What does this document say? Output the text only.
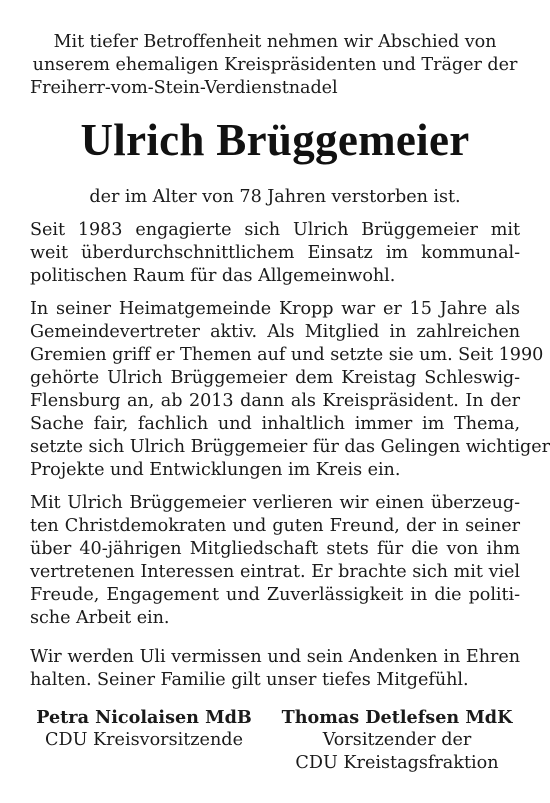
Mit tiefer Betroffenheit nehmen wir Abschied von
unserem ehemaligen Kreispräsidenten und Träger der
Freiherr-vom-Stein-Verdienstnadel
Ulrich Brüggemeier
der im Alter von 78 Jahren verstorben ist.
Seit 1983 engagierte sich Ulrich Brüggemeier mit
weit überdurchschnittlichem Einsatz im kommunal-
politischen Raum für das Allgemeinwohl.
In seiner Heimatgemeinde Kropp war er 15 Jahre als
Gemeindevertreter aktiv. Als Mitglied in zahlreichen
Gremien griff er Themen auf und setzte sie um. Seit 1990
gehörte Ulrich Brüggemeier dem Kreistag Schleswig-
Flensburg an, ab 2013 dann als Kreispräsident. In der
Sache fair, fachlich und inhaltlich immer im Thema,
setzte sich Ulrich Brüggemeier für das Gelingen wichtiger
Projekte und Entwicklungen im Kreis ein.
Mit Ulrich Brüggemeier verlieren wir einen überzeug-
ten Christdemokraten und guten Freund, der in seiner
über 40-jährigen Mitgliedschaft stets für die von ihm
vertretenen Interessen eintrat. Er brachte sich mit viel
Freude, Engagement und Zuverlässigkeit in die politi-
sche Arbeit ein.
Wir werden Uli vermissen und sein Andenken in Ehren
halten. Seiner Familie gilt unser tiefes Mitgefühl.
Petra Nicolaisen MdB
CDU Kreisvorsitzende
Thomas Detlefsen MdK
Vorsitzender der
CDU Kreistagsfraktion
